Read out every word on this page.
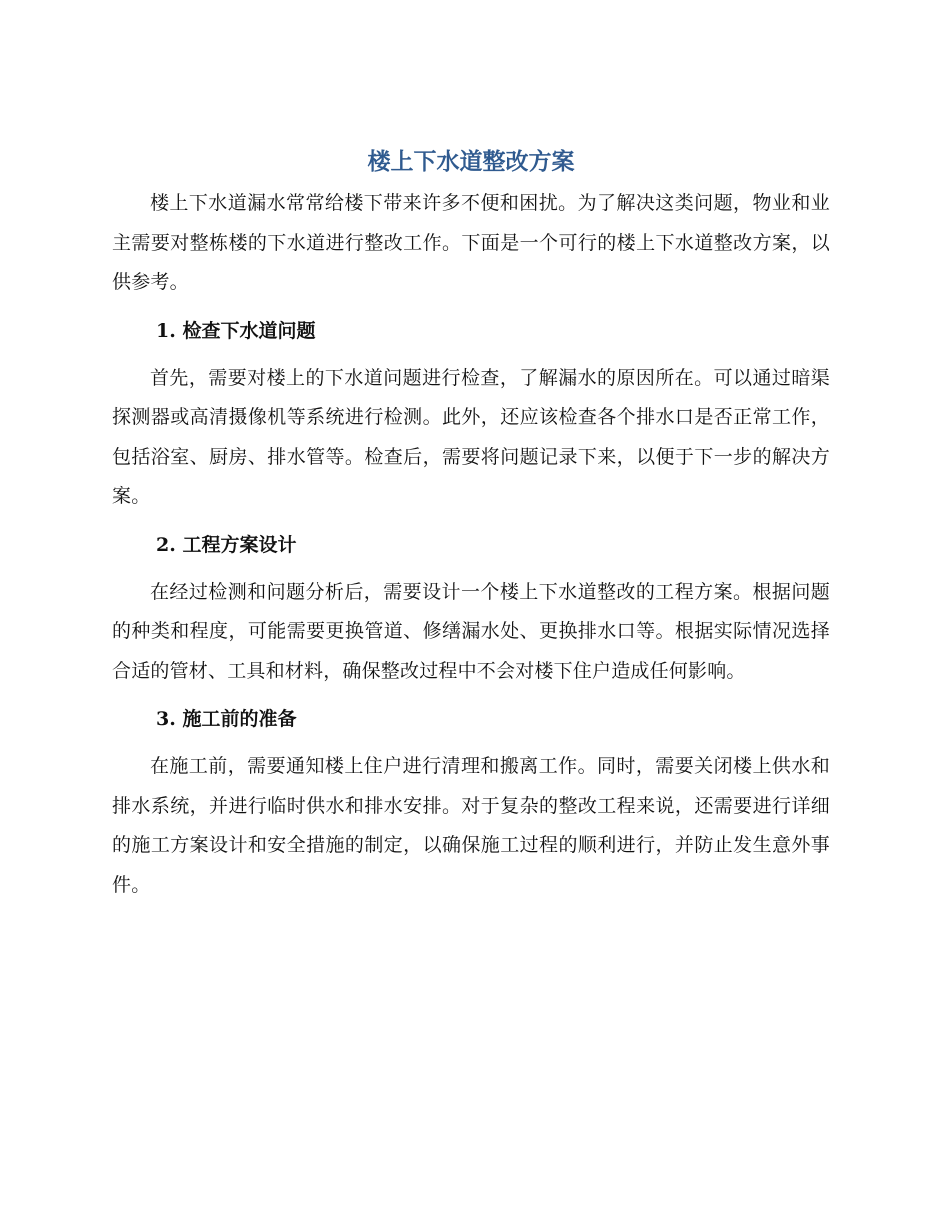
楼上下水道整改方案

楼上下水道漏水常常给楼下带来许多不便和困扰。为了解决这类问题，物业和业主需要对整栋楼的下水道进行整改工作。下面是一个可行的楼上下水道整改方案，以供参考。

1. 检查下水道问题

首先，需要对楼上的下水道问题进行检查，了解漏水的原因所在。可以通过暗渠探测器或高清摄像机等系统进行检测。此外，还应该检查各个排水口是否正常工作，包括浴室、厨房、排水管等。检查后，需要将问题记录下来，以便于下一步的解决方案。

2. 工程方案设计

在经过检测和问题分析后，需要设计一个楼上下水道整改的工程方案。根据问题的种类和程度，可能需要更换管道、修缮漏水处、更换排水口等。根据实际情况选择合适的管材、工具和材料，确保整改过程中不会对楼下住户造成任何影响。

3. 施工前的准备

在施工前，需要通知楼上住户进行清理和搬离工作。同时，需要关闭楼上供水和排水系统，并进行临时供水和排水安排。对于复杂的整改工程来说，还需要进行详细的施工方案设计和安全措施的制定，以确保施工过程的顺利进行，并防止发生意外事件。
